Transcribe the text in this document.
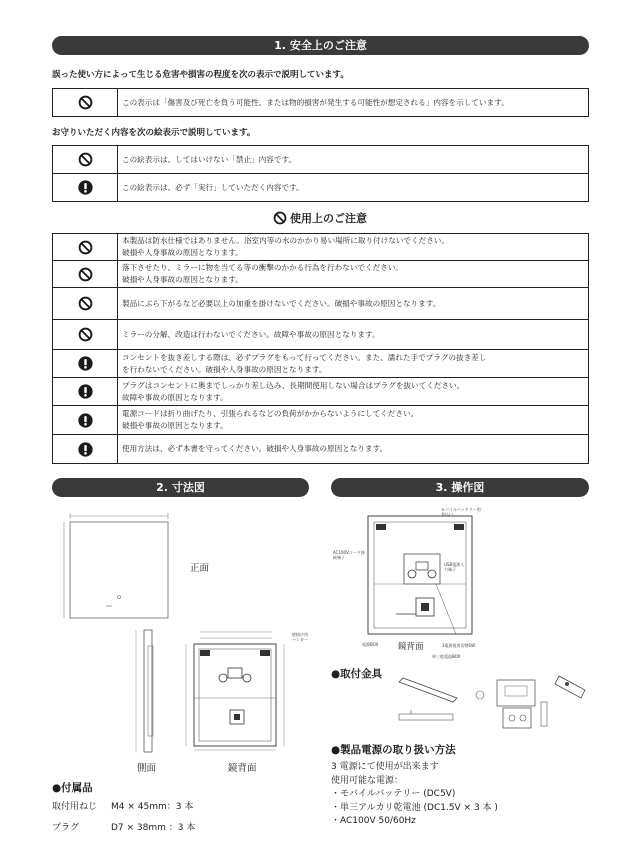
1. 安全上のご注意
誤った使い方によって生じる危害や損害の程度を次の表示で説明しています。
	この表示は「傷害及び死亡を負う可能性、または物的損害が発生する可能性が想定される」内容を示しています。
お守りいただく内容を次の絵表示で説明しています。
	この絵表示は、してはいけない「禁止」内容です。
	この絵表示は、必ず「実行」していただく内容です。
使用上のご注意

本製品は防水仕様ではありません。浴室内等の水のかかり易い場所に取り付けないでください。
破損や人身事故の原因となります。

落下させたり、ミラーに物を当てる等の衝撃のかかる行為を行わないでください。
破損や人身事故の原因となります。

製品にぶら下がるなど必要以上の加重を掛けないでください。破損や事故の原因となります。

ミラーの分解、改造は行わないでください。故障や事故の原因となります。

コンセントを抜き差しする際は、必ずプラグをもって行ってください。また、濡れた手でプラグの抜き差し
を行わないでください。破損や人身事故の原因となります。

プラグはコンセントに奥までしっかり差し込み、長期間使用しない場合はプラグを抜いてください。
故障や事故の原因となります。

電源コードは折り曲げたり、引張られるなどの負荷がかからないようにしてください。
破損や事故の原因となります。

使用方法は、必ず本書を守ってください。破損や人身事故の原因となります。
2. 寸法図	3. 操作図
正面
側面
壁掛け用
ハンガー
鏡背面
モバイルバッテリー用
差込口
AC100Vコード接
続端子
USB電源入
力端子
電源BOX 鏡背面	3電源使用切替SW
単三乾電池BOX
●取付金具
●製品電源の取り扱い方法
3 電源にて使用が出来ます
使用可能な電源：
・モバイルバッテリー (DC5V)
・単三アルカリ乾電池 (DC1.5V × 3 本 )
・AC100V 50/60Hz
●付属品
取付用ねじ M4 × 45mm：3 本
プラグ	D7 × 38mm ：3 本
